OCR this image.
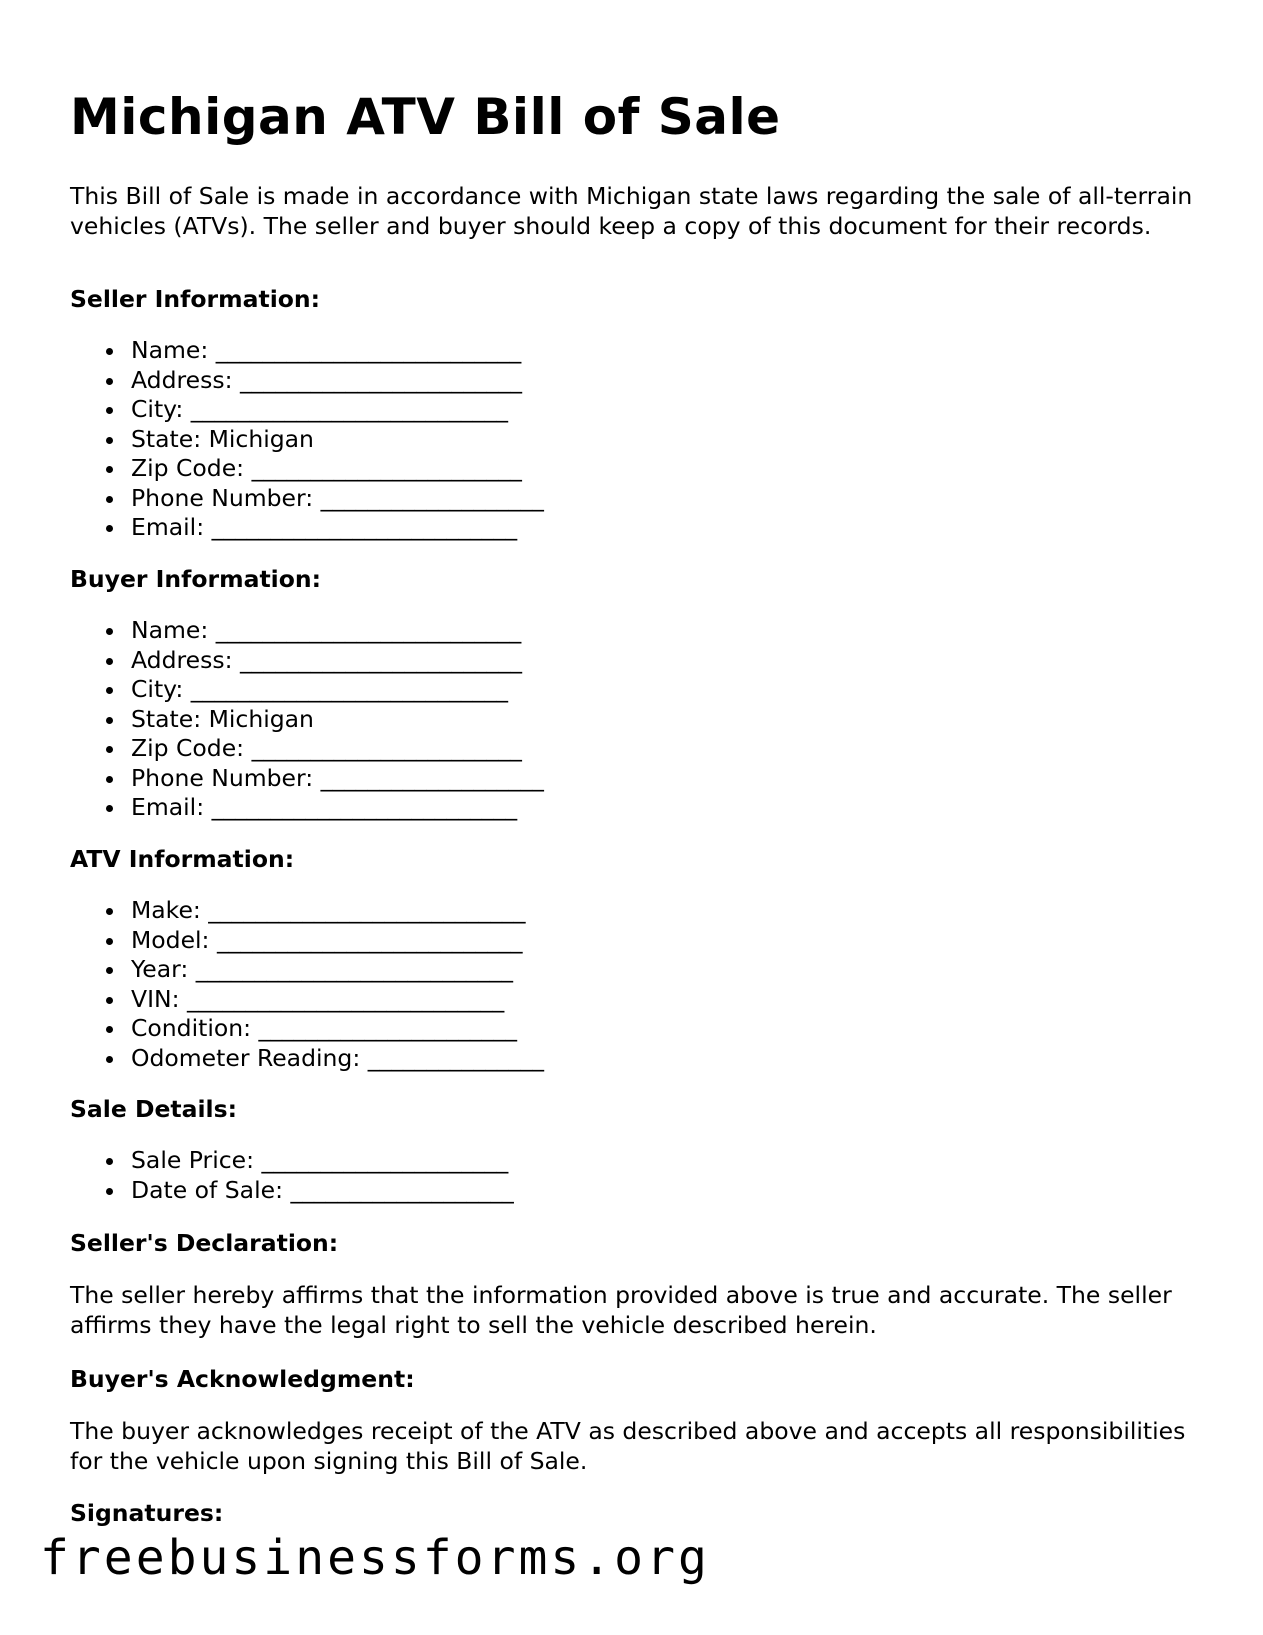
Michigan ATV Bill of Sale

This Bill of Sale is made in accordance with Michigan state laws regarding the sale of all-terrain vehicles (ATVs). The seller and buyer should keep a copy of this document for their records.

Seller Information:

Name: __________________________
Address: ________________________
City: ___________________________
State: Michigan
Zip Code: _______________________
Phone Number: ___________________
Email: __________________________

Buyer Information:

Name: __________________________
Address: ________________________
City: ___________________________
State: Michigan
Zip Code: _______________________
Phone Number: ___________________
Email: __________________________

ATV Information:

Make: ___________________________
Model: __________________________
Year: ___________________________
VIN: ___________________________
Condition: ______________________
Odometer Reading: _______________

Sale Details:

Sale Price: _____________________
Date of Sale: ___________________

Seller's Declaration:

The seller hereby affirms that the information provided above is true and accurate. The seller affirms they have the legal right to sell the vehicle described herein.

Buyer's Acknowledgment:

The buyer acknowledges receipt of the ATV as described above and accepts all responsibilities for the vehicle upon signing this Bill of Sale.

Signatures:

freebusinessforms.org
